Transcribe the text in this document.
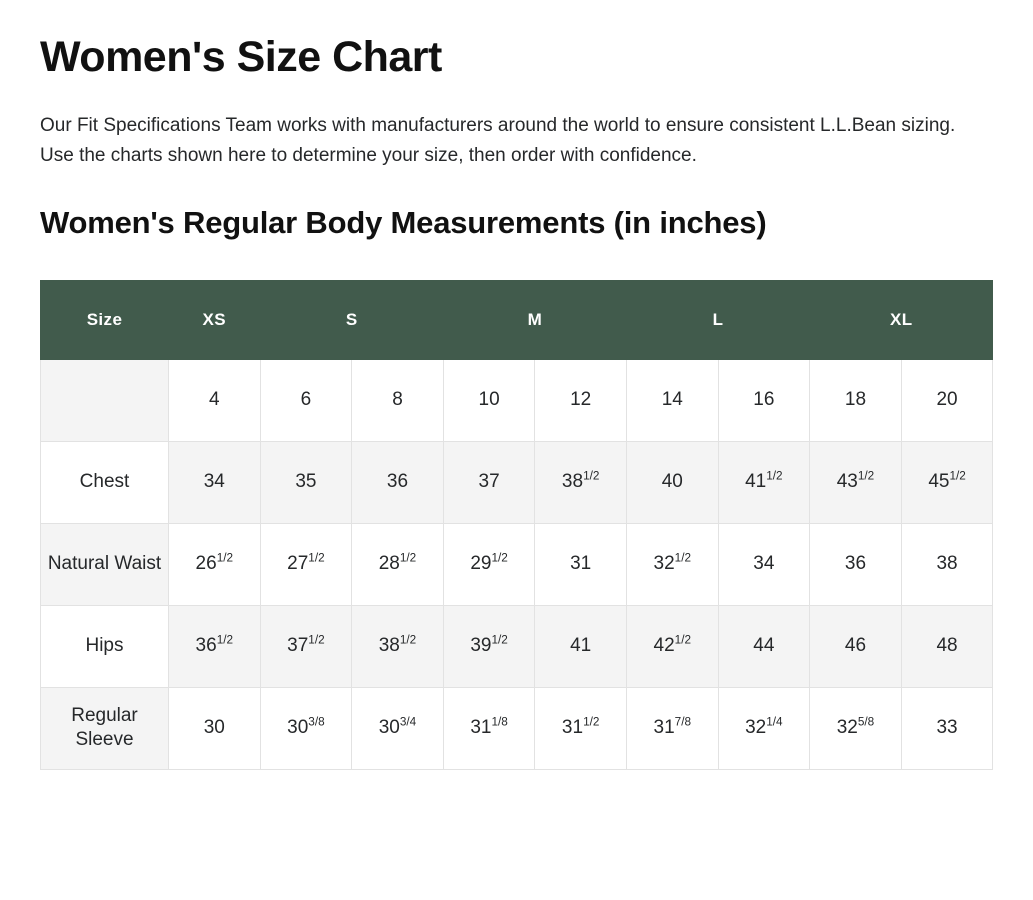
Women's Size Chart

Our Fit Specifications Team works with manufacturers around the world to ensure consistent L.L.Bean sizing. Use the charts shown here to determine your size, then order with confidence.

Women's Regular Body Measurements (in inches)
Size	XS	S		M		L		XL	
	4	6	8	10	12	14	16	18	20
Chest	34	35	36	37	$38^{1/2}$	40	$41^{1/2}$	$43^{1/2}$	$45^{1/2}$
Natural Waist	$26^{1/2}$	$27^{1/2}$	$28^{1/2}$	$29^{1/2}$	31	$32^{1/2}$	34	36	38
Hips	$36^{1/2}$	$37^{1/2}$	$38^{1/2}$	$39^{1/2}$	41	$42^{1/2}$	44	46	48
Regular Sleeve	30	$30^{3/8}$	$30^{3/4}$	$31^{1/8}$	$31^{1/2}$	$31^{7/8}$	$32^{1/4}$	$32^{5/8}$	33
